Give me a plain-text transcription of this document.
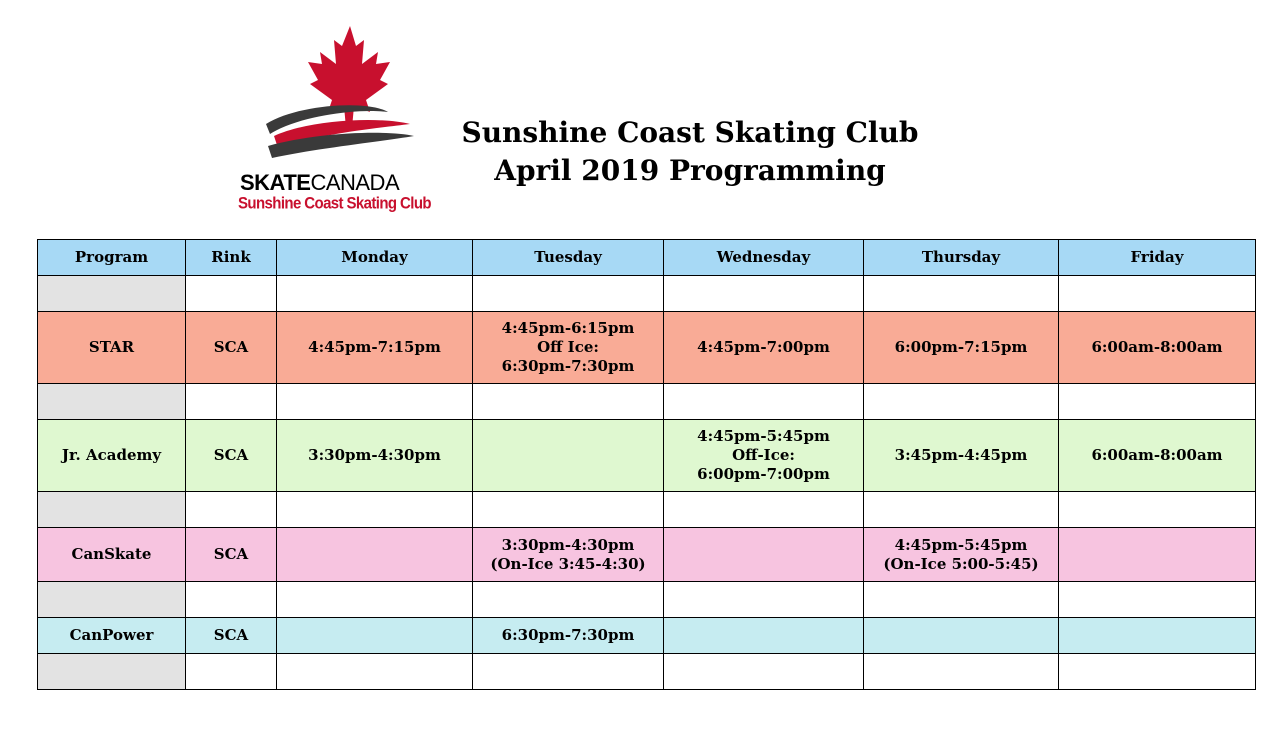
SKATECANADA
Sunshine Coast Skating Club
Sunshine Coast Skating Club
April 2019 Programming
Program	Rink	Monday	Tuesday	Wednesday	Thursday	Friday

STAR	SCA	4:45pm-7:15pm	4:45pm-6:15pm
Off Ice:
6:30pm-7:30pm	4:45pm-7:00pm	6:00pm-7:15pm	6:00am-8:00am

Jr. Academy	SCA	3:30pm-4:30pm		4:45pm-5:45pm
Off-Ice:
6:00pm-7:00pm	3:45pm-4:45pm	6:00am-8:00am

CanSkate	SCA		3:30pm-4:30pm
(On-Ice 3:45-4:30)		4:45pm-5:45pm
(On-Ice 5:00-5:45)	

CanPower	SCA		6:30pm-7:30pm			
